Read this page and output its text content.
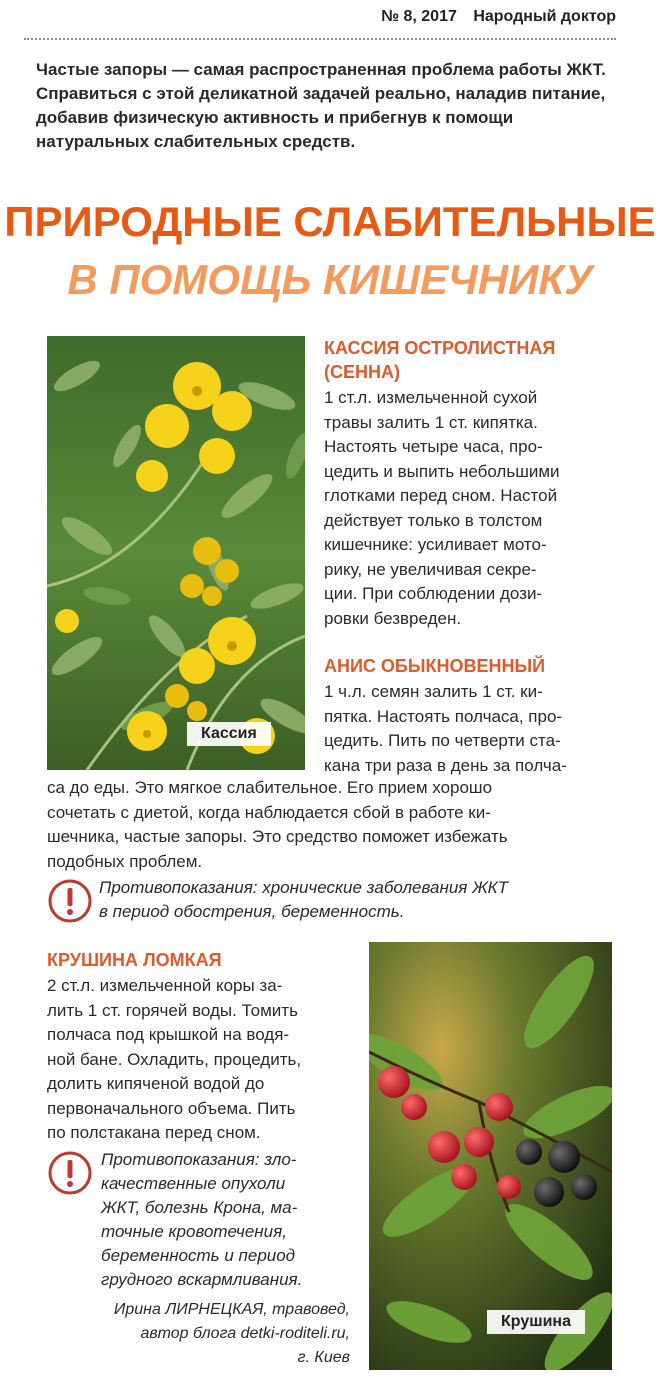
№ 8, 2017 Народный доктор
Частые запоры — самая распространенная проблема работы ЖКТ. Справиться с этой деликатной задачей реально, наладив питание, добавив физическую активность и прибегнув к помощи натуральных слабительных средств.
ПРИРОДНЫЕ СЛАБИТЕЛЬНЫЕ
В ПОМОЩЬ КИШЕЧНИКУ
Кассия
КАССИЯ ОСТРОЛИСТНАЯ
(СЕННА)
1 ст.л. измельченной сухой
травы залить 1 ст. кипятка.
Настоять четыре часа, про-
цедить и выпить небольшими
глотками перед сном. Настой
действует только в толстом
кишечнике: усиливает мото-
рику, не увеличивая секре-
ции. При соблюдении дози-
ровки безвреден.
АНИС ОБЫКНОВЕННЫЙ
1 ч.л. семян залить 1 ст. ки-
пятка. Настоять полчаса, про-
цедить. Пить по четверти ста-
кана три раза в день за полча-
са до еды. Это мягкое слабительное. Его прием хорошо
сочетать с диетой, когда наблюдается сбой в работе ки-
шечника, частые запоры. Это средство поможет избежать
подобных проблем.
Противопоказания: хронические заболевания ЖКТ
в период обострения, беременность.
КРУШИНА ЛОМКАЯ
2 ст.л. измельченной коры за-
лить 1 ст. горячей воды. Томить
полчаса под крышкой на водя-
ной бане. Охладить, процедить,
долить кипяченой водой до
первоначального объема. Пить
по полстакана перед сном.
Противопоказания: зло-
качественные опухоли
ЖКТ, болезнь Крона, ма-
точные кровотечения,
беременность и период
грудного вскармливания.
Ирина ЛИРНЕЦКАЯ, травовед,
автор блога detki-roditeli.ru,
г. Киев
Крушина
